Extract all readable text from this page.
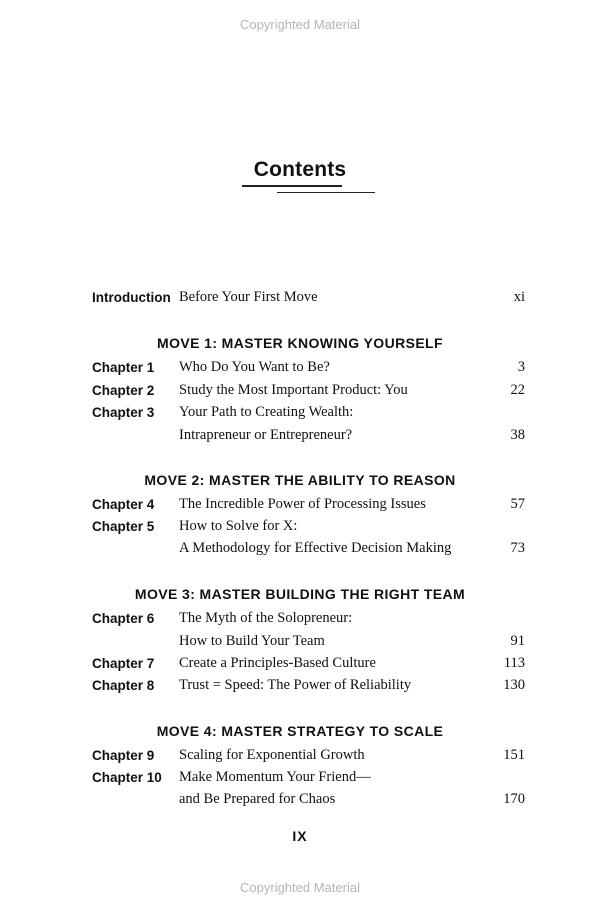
Copyrighted Material
Contents
Introduction Before Your First Move	xi
MOVE 1: MASTER KNOWING YOURSELF
Chapter 1 Who Do You Want to Be?	3
Chapter 2 Study the Most Important Product: You	22
Chapter 3 Your Path to Creating Wealth:
Intrapreneur or Entrepreneur?	38
MOVE 2: MASTER THE ABILITY TO REASON
Chapter 4 The Incredible Power of Processing Issues	57
Chapter 5 How to Solve for X:
A Methodology for Effective Decision Making	73
MOVE 3: MASTER BUILDING THE RIGHT TEAM
Chapter 6 The Myth of the Solopreneur:
How to Build Your Team	91
Chapter 7 Create a Principles-Based Culture	113
Chapter 8 Trust = Speed: The Power of Reliability	130
MOVE 4: MASTER STRATEGY TO SCALE
Chapter 9 Scaling for Exponential Growth	151
Chapter 10 Make Momentum Your Friend—
and Be Prepared for Chaos	170
IX
Copyrighted Material
